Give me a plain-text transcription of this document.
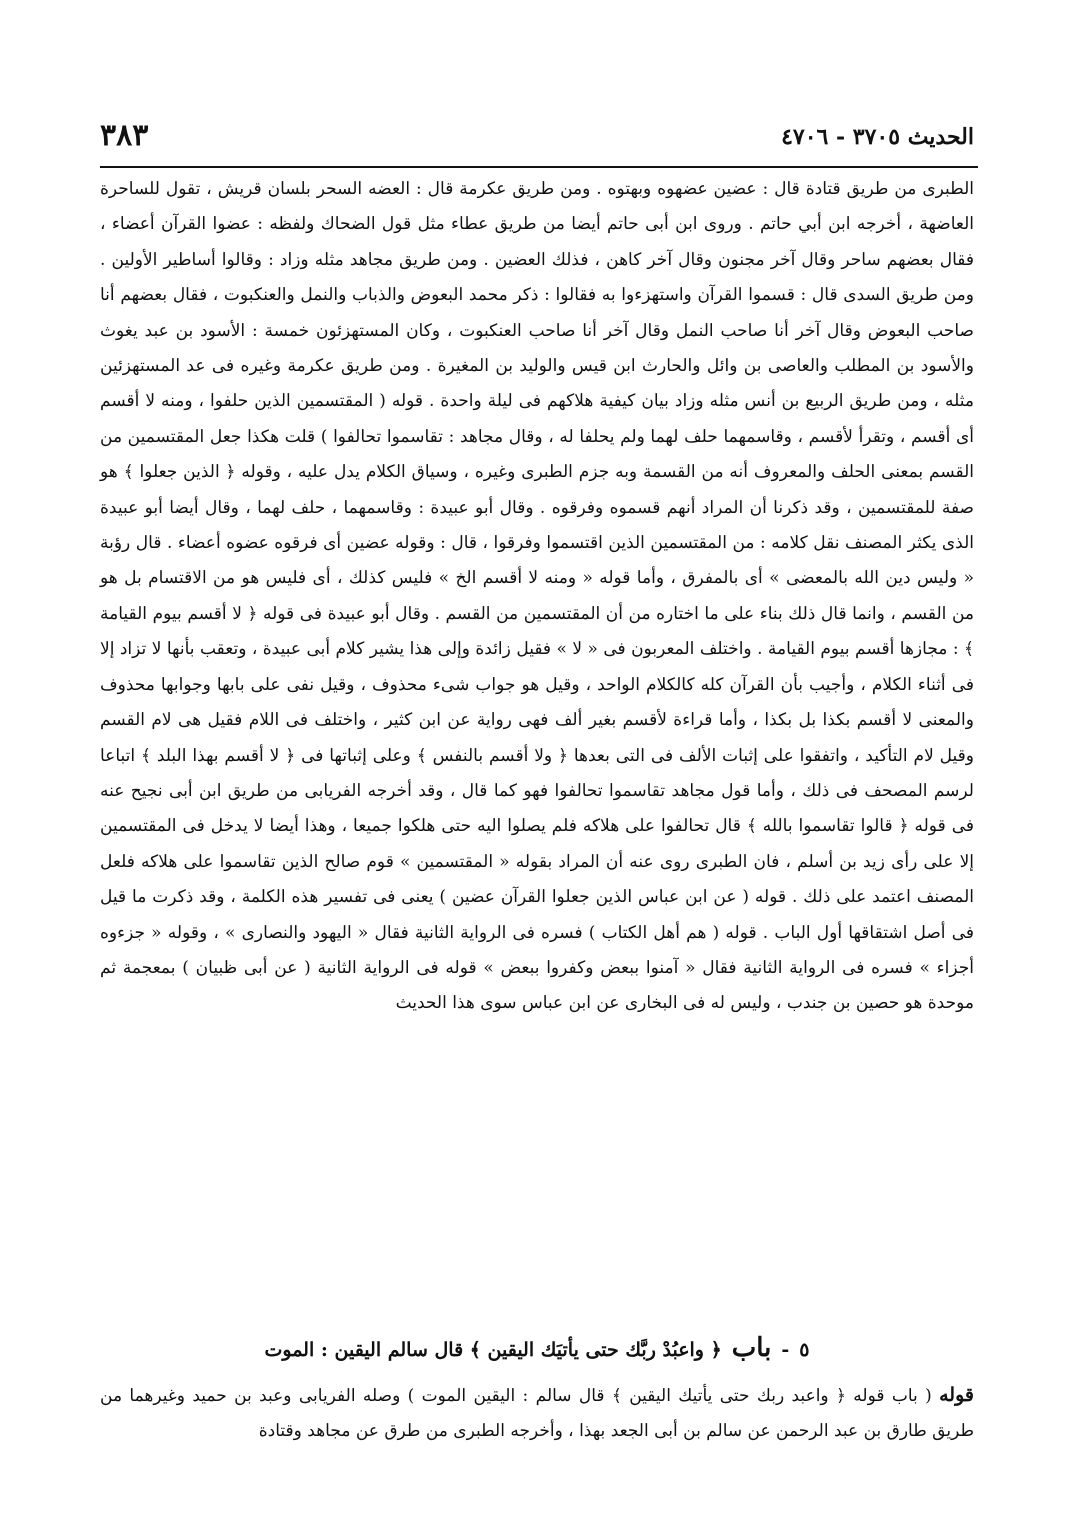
الحديث ٣٧٠٥ - ٤٧٠٦
٣٨٣

الطبرى من طريق قتادة قال : عضين عضهوه وبهتوه . ومن طريق عكرمة قال : العضه السحر بلسان قريش ، تقول للساحرة العاضهة ، أخرجه ابن أبي حاتم . وروى ابن أبى حاتم أيضا من طريق عطاء مثل قول الضحاك ولفظه : عضوا القرآن أعضاء ، فقال بعضهم ساحر وقال آخر مجنون وقال آخر كاهن ، فذلك العضين . ومن طريق مجاهد مثله وزاد : وقالوا أساطير الأولين . ومن طريق السدى قال : قسموا القرآن واستهزءوا به فقالوا : ذكر محمد البعوض والذباب والنمل والعنكبوت ، فقال بعضهم أنا صاحب البعوض وقال آخر أنا صاحب النمل وقال آخر أنا صاحب العنكبوت ، وكان المستهزئون خمسة : الأسود بن عبد يغوث والأسود بن المطلب والعاصى بن وائل والحارث ابن قيس والوليد بن المغيرة . ومن طريق عكرمة وغيره فى عد المستهزئين مثله ، ومن طريق الربيع بن أنس مثله وزاد بيان كيفية هلاكهم فى ليلة واحدة . قوله ( المقتسمين الذين حلفوا ، ومنه لا أقسم أى أقسم ، وتقرأ لأقسم ، وقاسمهما حلف لهما ولم يحلفا له ، وقال مجاهد : تقاسموا تحالفوا ) قلت هكذا جعل المقتسمين من القسم بمعنى الحلف والمعروف أنه من القسمة وبه جزم الطبرى وغيره ، وسياق الكلام يدل عليه ، وقوله ﴿ الذين جعلوا ﴾ هو صفة للمقتسمين ، وقد ذكرنا أن المراد أنهم قسموه وفرقوه . وقال أبو عبيدة : وقاسمهما ، حلف لهما ، وقال أيضا أبو عبيدة الذى يكثر المصنف نقل كلامه : من المقتسمين الذين اقتسموا وفرقوا ، قال : وقوله عضين أى فرقوه عضوه أعضاء . قال رؤبة « وليس دين الله بالمعضى » أى بالمفرق ، وأما قوله « ومنه لا أقسم الخ » فليس كذلك ، أى فليس هو من الاقتسام بل هو من القسم ، وانما قال ذلك بناء على ما اختاره من أن المقتسمين من القسم . وقال أبو عبيدة فى قوله ﴿ لا أقسم بيوم القيامة ﴾ : مجازها أقسم بيوم القيامة . واختلف المعربون فى « لا » فقيل زائدة وإلى هذا يشير كلام أبى عبيدة ، وتعقب بأنها لا تزاد إلا فى أثناء الكلام ، وأجيب بأن القرآن كله كالكلام الواحد ، وقيل هو جواب شىء محذوف ، وقيل نفى على بابها وجوابها محذوف والمعنى لا أقسم بكذا بل بكذا ، وأما قراءة لأقسم بغير ألف فهى رواية عن ابن كثير ، واختلف فى اللام فقيل هى لام القسم وقيل لام التأكيد ، واتفقوا على إثبات الألف فى التى بعدها ﴿ ولا أقسم بالنفس ﴾ وعلى إثباتها فى ﴿ لا أقسم بهذا البلد ﴾ اتباعا لرسم المصحف فى ذلك ، وأما قول مجاهد تقاسموا تحالفوا فهو كما قال ، وقد أخرجه الفريابى من طريق ابن أبى نجيح عنه فى قوله ﴿ قالوا تقاسموا بالله ﴾ قال تحالفوا على هلاكه فلم يصلوا اليه حتى هلكوا جميعا ، وهذا أيضا لا يدخل فى المقتسمين إلا على رأى زيد بن أسلم ، فان الطبرى روى عنه أن المراد بقوله « المقتسمين » قوم صالح الذين تقاسموا على هلاكه فلعل المصنف اعتمد على ذلك . قوله ( عن ابن عباس الذين جعلوا القرآن عضين ) يعنى فى تفسير هذه الكلمة ، وقد ذكرت ما قيل فى أصل اشتقاقها أول الباب . قوله ( هم أهل الكتاب ) فسره فى الرواية الثانية فقال « اليهود والنصارى » ، وقوله « جزءوه أجزاء » فسره فى الرواية الثانية فقال « آمنوا ببعض وكفروا ببعض » قوله فى الرواية الثانية ( عن أبى ظبيان ) بمعجمة ثم موحدة هو حصين بن جندب ، وليس له فى البخارى عن ابن عباس سوى هذا الحديث

٥-باب﴿ واعبُدْ ربَّك حتى يأتيَك اليقين ﴾ قال سالم اليقين : الموت

قوله ( باب قوله ﴿ واعبد ربك حتى يأتيك اليقين ﴾ قال سالم : اليقين الموت ) وصله الفريابى وعبد بن حميد وغيرهما من طريق طارق بن عبد الرحمن عن سالم بن أبى الجعد بهذا ، وأخرجه الطبرى من طرق عن مجاهد وقتادة
